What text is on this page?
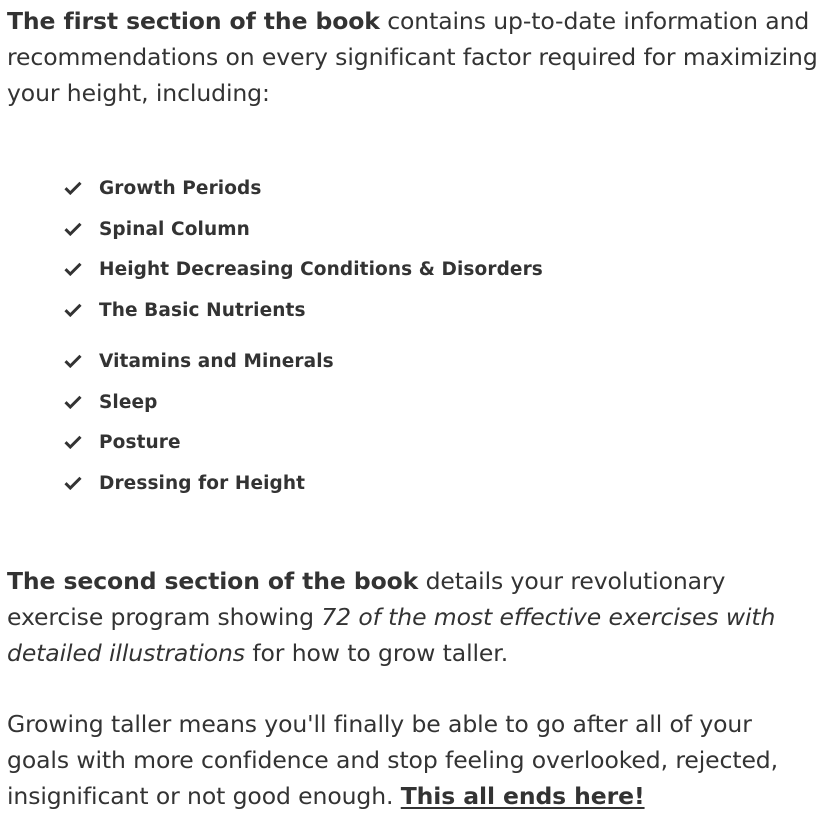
The first section of the book contains up-to-date information and recommendations on every significant factor required for maximizing your height, including:

Growth Periods
Spinal Column
Height Decreasing Conditions & Disorders
The Basic Nutrients
Vitamins and Minerals
Sleep
Posture
Dressing for Height

The second section of the book details your revolutionary exercise program showing 72 of the most effective exercises with detailed illustrations for how to grow taller.

Growing taller means you'll finally be able to go after all of your goals with more confidence and stop feeling overlooked, rejected, insignificant or not good enough. This all ends here!
